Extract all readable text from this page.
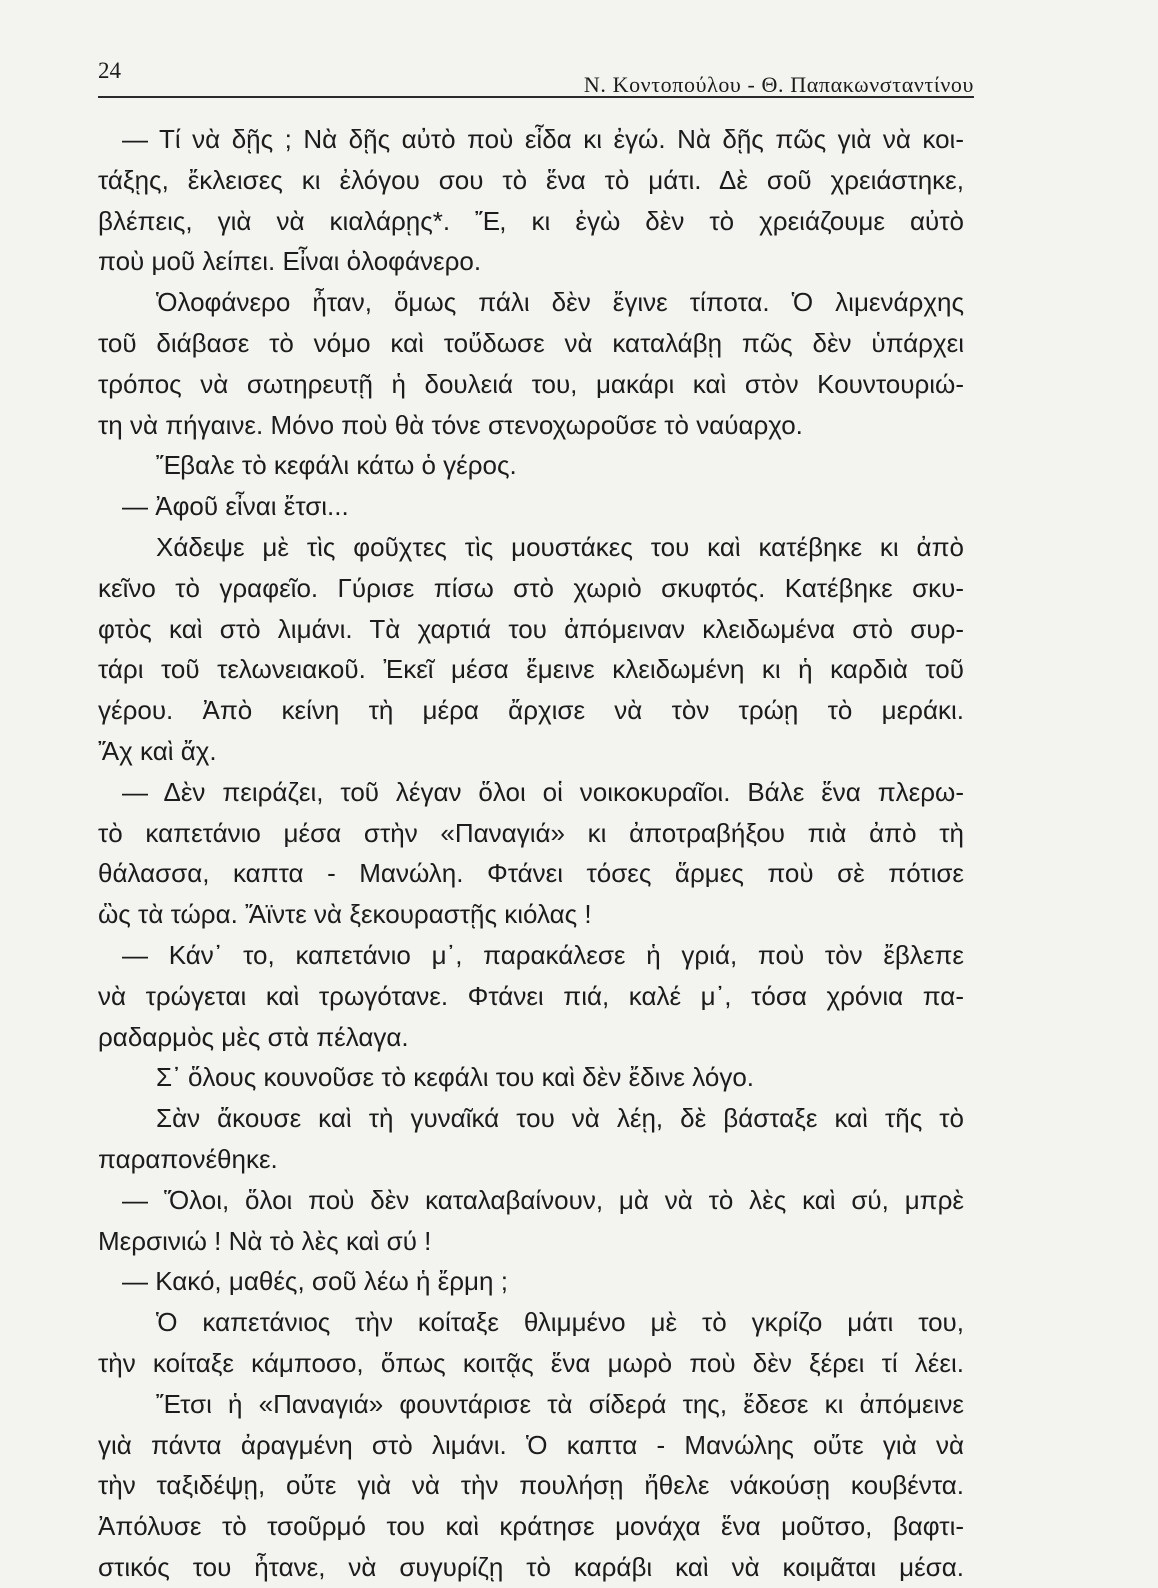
24
Ν. Κοντοπούλου - Θ. Παπακωνσταντίνου
— Τί νὰ δῇς ; Νὰ δῇς αὐτὸ ποὺ εἶδα κι ἐγώ. Νὰ δῇς πῶς γιὰ νὰ κοι-
τάξῃς, ἔκλεισες κι ἐλόγου σου τὸ ἕνα τὸ μάτι. Δὲ σοῦ χρειάστηκε,
βλέπεις, γιὰ νὰ κιαλάρῃς*. Ἔ, κι ἐγὼ δὲν τὸ χρειάζουμε αὐτὸ
ποὺ μοῦ λείπει. Εἶναι ὁλοφάνερο.
Ὁλοφάνερο ἦταν, ὅμως πάλι δὲν ἔγινε τίποτα. Ὁ λιμενάρχης
τοῦ διάβασε τὸ νόμο καὶ τοὔδωσε νὰ καταλάβῃ πῶς δὲν ὑπάρχει
τρόπος νὰ σωτηρευτῇ ἡ δουλειά του, μακάρι καὶ στὸν Κουντουριώ-
τη νὰ πήγαινε. Μόνο ποὺ θὰ τόνε στενοχωροῦσε τὸ ναύαρχο.
Ἔβαλε τὸ κεφάλι κάτω ὁ γέρος.
— Ἀφοῦ εἶναι ἔτσι...
Χάδεψε μὲ τὶς φοῦχτες τὶς μουστάκες του καὶ κατέβηκε κι ἀπὸ
κεῖνο τὸ γραφεῖο. Γύρισε πίσω στὸ χωριὸ σκυφτός. Κατέβηκε σκυ-
φτὸς καὶ στὸ λιμάνι. Τὰ χαρτιά του ἀπόμειναν κλειδωμένα στὸ συρ-
τάρι τοῦ τελωνειακοῦ. Ἐκεῖ μέσα ἔμεινε κλειδωμένη κι ἡ καρδιὰ τοῦ
γέρου. Ἀπὸ κείνη τὴ μέρα ἄρχισε νὰ τὸν τρώῃ τὸ μεράκι.
Ἄχ καὶ ἄχ.
— Δὲν πειράζει, τοῦ λέγαν ὅλοι οἱ νοικοκυραῖοι. Βάλε ἕνα πλερω-
τὸ καπετάνιο μέσα στὴν «Παναγιά» κι ἀποτραβήξου πιὰ ἀπὸ τὴ
θάλασσα, καπτα - Μανώλη. Φτάνει τόσες ἅρμες ποὺ σὲ πότισε
ὣς τὰ τώρα. Ἄϊντε νὰ ξεκουραστῇς κιόλας !
— Κάν᾿ το, καπετάνιο μ᾿, παρακάλεσε ἡ γριά, ποὺ τὸν ἔβλεπε
νὰ τρώγεται καὶ τρωγότανε. Φτάνει πιά, καλέ μ᾿, τόσα χρόνια πα-
ραδαρμὸς μὲς στὰ πέλαγα.
Σ᾿ ὅλους κουνοῦσε τὸ κεφάλι του καὶ δὲν ἔδινε λόγο.
Σὰν ἄκουσε καὶ τὴ γυναῖκά του νὰ λέῃ, δὲ βάσταξε καὶ τῆς τὸ
παραπονέθηκε.
— Ὅλοι, ὅλοι ποὺ δὲν καταλαβαίνουν, μὰ νὰ τὸ λὲς καὶ σύ, μπρὲ
Μερσινιώ ! Νὰ τὸ λὲς καὶ σύ !
— Κακό, μαθές, σοῦ λέω ἡ ἔρμη ;
Ὁ καπετάνιος τὴν κοίταξε θλιμμένο μὲ τὸ γκρίζο μάτι του,
τὴν κοίταξε κάμποσο, ὅπως κοιτᾷς ἕνα μωρὸ ποὺ δὲν ξέρει τί λέει.
Ἔτσι ἡ «Παναγιά» φουντάρισε τὰ σίδερά της, ἔδεσε κι ἀπόμεινε
γιὰ πάντα ἀραγμένη στὸ λιμάνι. Ὁ καπτα - Μανώλης οὔτε γιὰ νὰ
τὴν ταξιδέψῃ, οὔτε γιὰ νὰ τὴν πουλήσῃ ἤθελε νάκούσῃ κουβέντα.
Ἀπόλυσε τὸ τσοῦρμό του καὶ κράτησε μονάχα ἕνα μοῦτσο, βαφτι-
στικός του ἦτανε, νὰ συγυρίζῃ τὸ καράβι καὶ νὰ κοιμᾶται μέσα.
